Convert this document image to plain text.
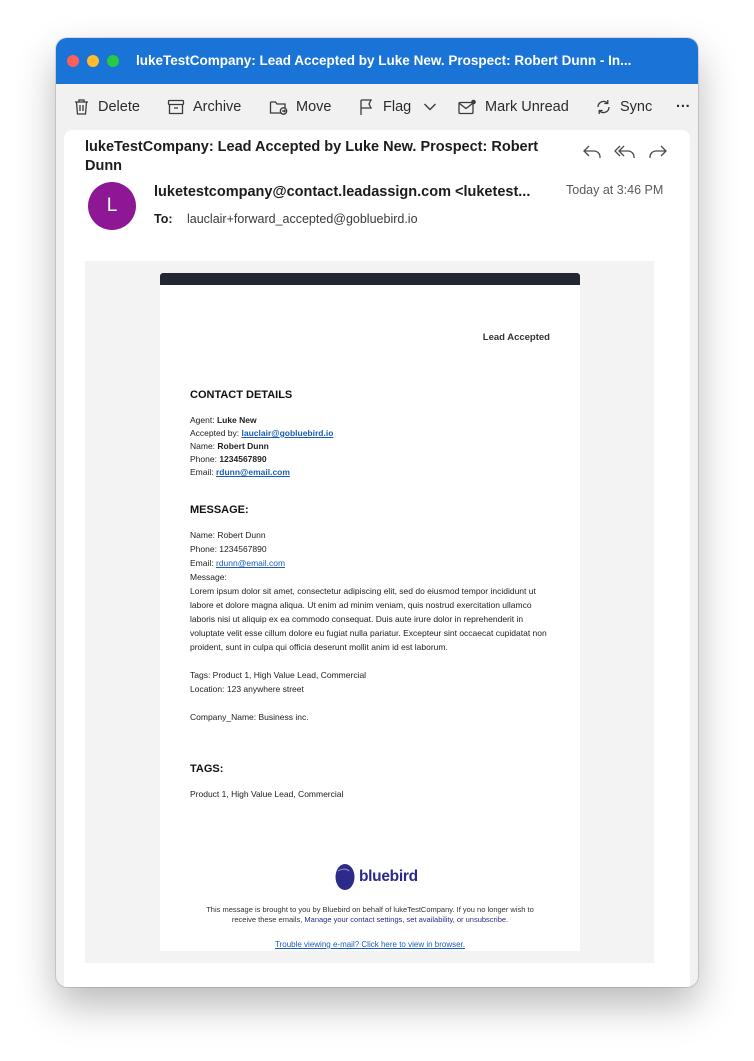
lukeTestCompany: Lead Accepted by Luke New. Prospect: Robert Dunn - In...
Delete	Archive	Move	Flag	Mark Unread	Sync ···
lukeTestCompany: Lead Accepted by Luke New. Prospect: Robert Dunn
L
luketestcompany@contact.leadassign.com <luketest...	Today at 3:46 PM
To: lauclair+forward_accepted@gobluebird.io
Lead Accepted
CONTACT DETAILS
Agent: Luke New
Accepted by: lauclair@gobluebird.io
Name: Robert Dunn
Phone: 1234567890
Email: rdunn@email.com
MESSAGE:
Name: Robert Dunn
Phone: 1234567890
Email: rdunn@email.com
Message:
Lorem ipsum dolor sit amet, consectetur adipiscing elit, sed do eiusmod tempor incididunt ut labore et dolore magna aliqua. Ut enim ad minim veniam, quis nostrud exercitation ullamco laboris nisi ut aliquip ex ea commodo consequat. Duis aute irure dolor in reprehenderit in voluptate velit esse cillum dolore eu fugiat nulla pariatur. Excepteur sint occaecat cupidatat non proident, sunt in culpa qui officia deserunt mollit anim id est laborum.
Tags: Product 1, High Value Lead, Commercial
Location: 123 anywhere street
Company_Name: Business inc.
TAGS:
Product 1, High Value Lead, Commercial
bluebird
This message is brought to you by Bluebird on behalf of lukeTestCompany. If you no longer wish to receive these emails, Manage your contact settings, set availability, or unsubscribe.
Trouble viewing e-mail? Click here to view in browser.
